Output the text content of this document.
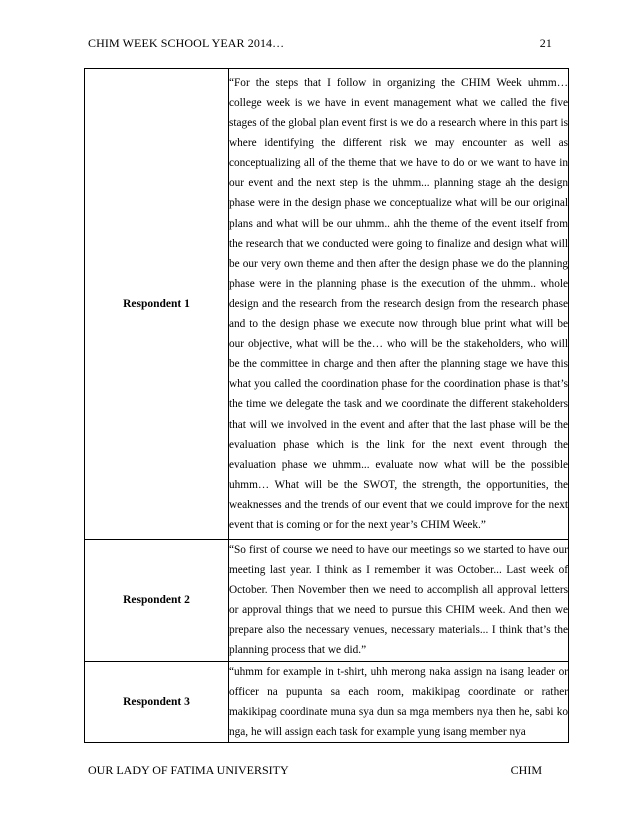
CHIM WEEK SCHOOL YEAR 2014…	21
Respondent 1	“For the steps that I follow in organizing the CHIM Week uhmm… college week is we have in event management what we called the five stages of the global plan event first is we do a research where in this part is where identifying the different risk we may encounter as well as conceptualizing all of the theme that we have to do or we want to have in our event and the next step is the uhmm... planning stage ah the design phase were in the design phase we conceptualize what will be our original plans and what will be our uhmm.. ahh the theme of the event itself from the research that we conducted were going to finalize and design what will be our very own theme and then after the design phase we do the planning phase were in the planning phase is the execution of the uhmm.. whole design and the research from the research design from the research phase and to the design phase we execute now through blue print what will be our objective, what will be the… who will be the stakeholders, who will be the committee in charge and then after the planning stage we have this what you called the coordination phase for the coordination phase is that’s the time we delegate the task and we coordinate the different stakeholders that will we involved in the event and after that the last phase will be the evaluation phase which is the link for the next event through the evaluation phase we uhmm... evaluate now what will be the possible uhmm… What will be the SWOT, the strength, the opportunities, the weaknesses and the trends of our event that we could improve for the next event that is coming or for the next year’s CHIM Week.”
Respondent 2	“So first of course we need to have our meetings so we started to have our meeting last year. I think as I remember it was October... Last week of October. Then November then we need to accomplish all approval letters or approval things that we need to pursue this CHIM week. And then we prepare also the necessary venues, necessary materials... I think that’s the planning process that we did.”
Respondent 3	“uhmm for example in t-shirt, uhh merong naka assign na isang leader or officer na pupunta sa each room, makikipag coordinate or rather makikipag coordinate muna sya dun sa mga members nya then he, sabi ko nga, he will assign each task for example yung isang member nya
OUR LADY OF FATIMA UNIVERSITY	CHIM
